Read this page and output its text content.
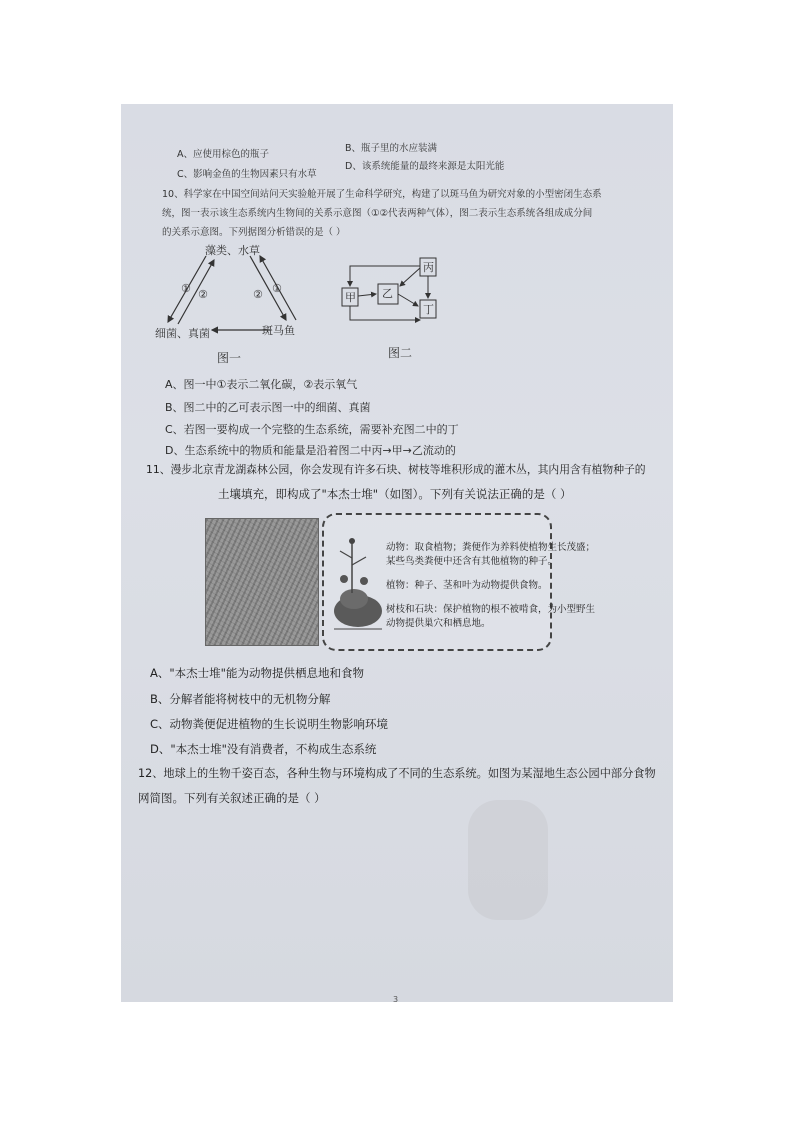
A、应使用棕色的瓶子
B、瓶子里的水应装满
C、影响金鱼的生物因素只有水草
D、该系统能量的最终来源是太阳光能
10、科学家在中国空间站问天实验舱开展了生命科学研究，构建了以斑马鱼为研究对象的小型密闭生态系
统，图一表示该生态系统内生物间的关系示意图（①②代表两种气体），图二表示生态系统各组成成分间
的关系示意图。下列据图分析错误的是（ ）
藻类、水草
细菌、真菌	斑马鱼
① ②	② ①
图一
甲 乙
丙
丁
图二
A、图一中①表示二氧化碳，②表示氧气
B、图二中的乙可表示图一中的细菌、真菌
C、若图一要构成一个完整的生态系统，需要补充图二中的丁
D、生态系统中的物质和能量是沿着图二中丙→甲→乙流动的
11、漫步北京青龙湖森林公园，你会发现有许多石块、树枝等堆积形成的灌木丛，其内用含有植物种子的
土壤填充，即构成了"本杰士堆"（如图）。下列有关说法正确的是（ ）
动物：取食植物；粪便作为养料使植物生长茂盛；
某些鸟类粪便中还含有其他植物的种子。
植物：种子、茎和叶为动物提供食物。
树枝和石块：保护植物的根不被啃食，为小型野生
动物提供巢穴和栖息地。
A、"本杰士堆"能为动物提供栖息地和食物
B、分解者能将树枝中的无机物分解
C、动物粪便促进植物的生长说明生物影响环境
D、"本杰士堆"没有消费者，不构成生态系统
12、地球上的生物千姿百态，各种生物与环境构成了不同的生态系统。如图为某湿地生态公园中部分食物
网简图。下列有关叙述正确的是（ ）
3
